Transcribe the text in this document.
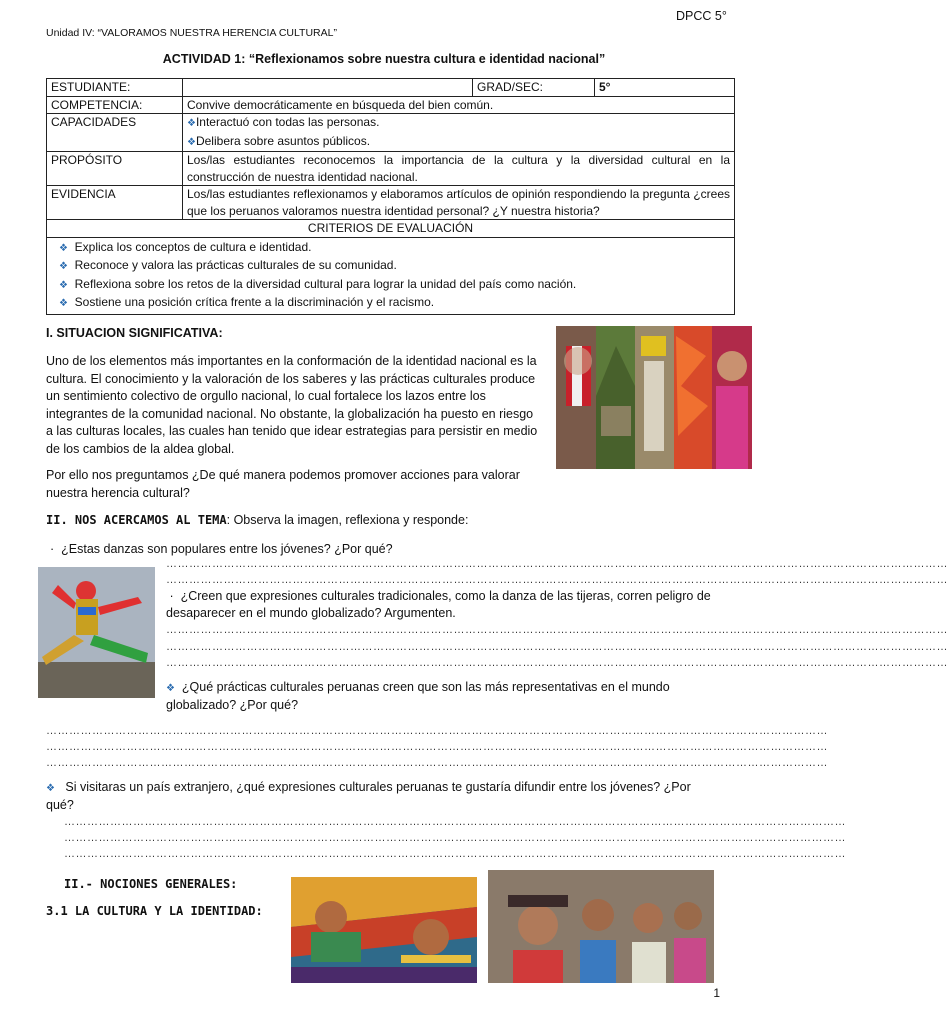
DPCC 5°
Unidad IV: “VALORAMOS NUESTRA HERENCIA CULTURAL”
ACTIVIDAD 1: “Reflexionamos sobre nuestra cultura e identidad nacional”
ESTUDIANTE:		GRAD/SEC:	5°
COMPETENCIA:	Convive democráticamente en búsqueda del bien común.		
CAPACIDADES	❖Interactuó con todas las personas.
❖Delibera sobre asuntos públicos.		

PROPÓSITO	Los/las estudiantes reconocemos la importancia de la cultura y la diversidad cultural en la construcción de nuestra identidad nacional.		
EVIDENCIA	Los/las estudiantes reflexionamos y elaboramos artículos de opinión respondiendo la pregunta ¿crees que los peruanos valoramos nuestra identidad personal? ¿Y nuestra historia?		
CRITERIOS DE EVALUACIÓN			

❖ Explica los conceptos de cultura e identidad.
❖ Reconoce y valora las prácticas culturales de su comunidad.
❖ Reflexiona sobre los retos de la diversidad cultural para lograr la unidad del país como nación.
❖ Sostiene una posición crítica frente a la discriminación y el racismo.			
I. SITUACION SIGNIFICATIVA:
Uno de los elementos más importantes en la conformación de la identidad nacional es la cultura. El conocimiento y la valoración de los saberes y las prácticas culturales produce un sentimiento colectivo de orgullo nacional, lo cual fortalece los lazos entre los integrantes de la comunidad nacional. No obstante, la globalización ha puesto en riesgo a las culturas locales, las cuales han tenido que idear estrategias para persistir en medio de los cambios de la aldea global.
Por ello nos preguntamos ¿De qué manera podemos promover acciones para valorar nuestra herencia cultural?
II. NOS ACERCAMOS AL TEMA: Observa la imagen, reflexiona y responde:
· ¿Estas danzas son populares entre los jóvenes? ¿Por qué?
……………………………………………………………………………………………………………………………………………………………………………………
……………………………………………………………………………………………………………………………………………………………………………………
· ¿Creen que expresiones culturales tradicionales, como la danza de las tijeras, corren peligro de desaparecer en el mundo globalizado? Argumenten.
……………………………………………………………………………………………………………………………………………………………………………………
……………………………………………………………………………………………………………………………………………………………………………………
……………………………………………………………………………………………………………………………………………………………………………………
❖ ¿Qué prácticas culturales peruanas creen que son las más representativas en el mundo globalizado? ¿Por qué?
……………………………………………………………………………………………………………………………………………………………………………………
……………………………………………………………………………………………………………………………………………………………………………………
……………………………………………………………………………………………………………………………………………………………………………………
❖ Si visitaras un país extranjero, ¿qué expresiones culturales peruanas te gustaría difundir entre los jóvenes? ¿Por qué?
……………………………………………………………………………………………………………………………………………………………………………………
……………………………………………………………………………………………………………………………………………………………………………………
……………………………………………………………………………………………………………………………………………………………………………………
II.- NOCIONES GENERALES:
3.1 LA CULTURA Y LA IDENTIDAD:
1
